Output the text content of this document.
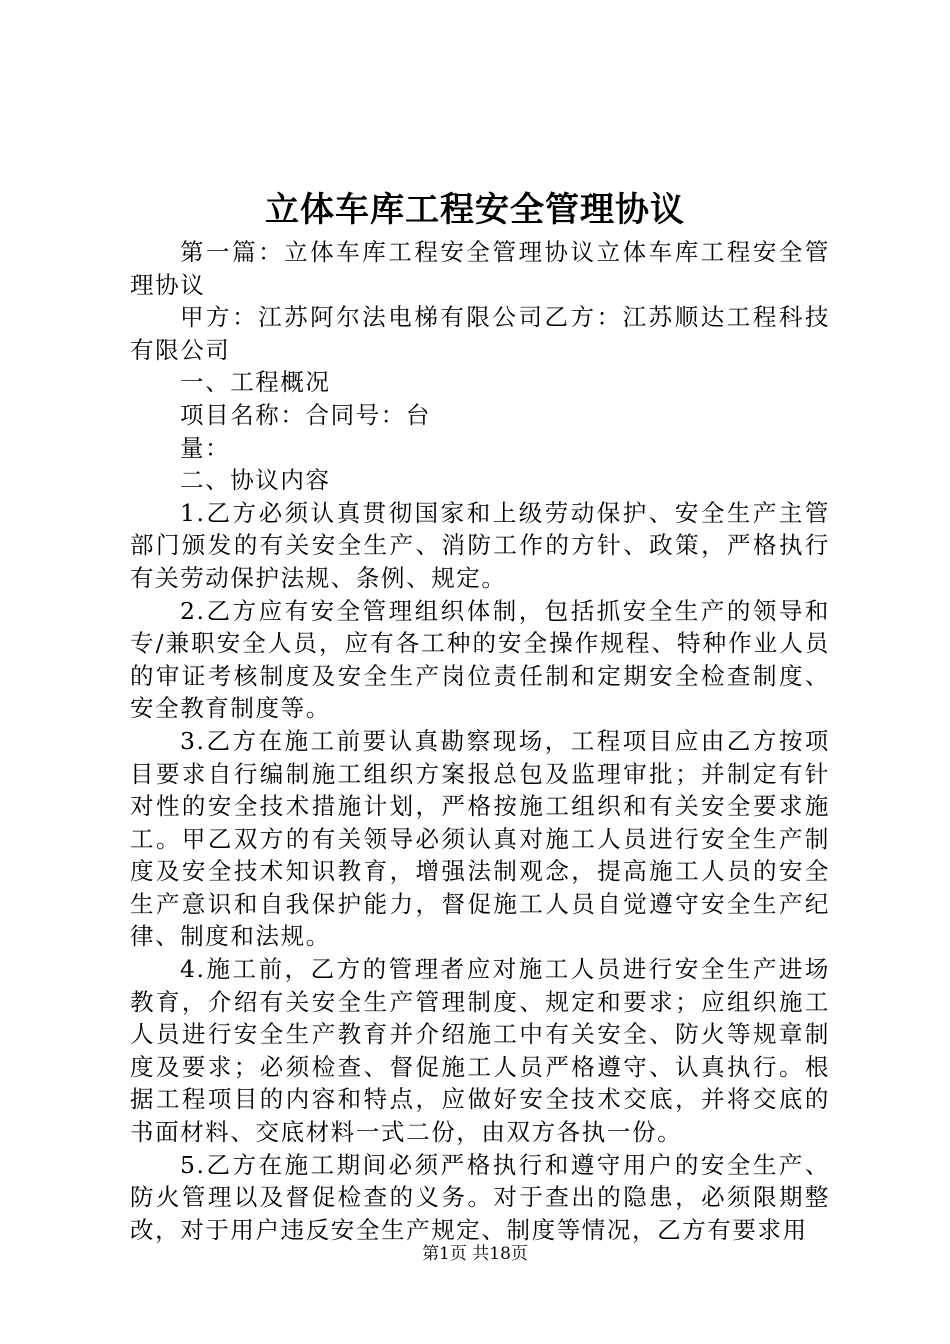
立体车库工程安全管理协议

第一篇：立体车库工程安全管理协议立体车库工程安全管理协议

甲方：江苏阿尔法电梯有限公司乙方：江苏顺达工程科技有限公司

一、工程概况

项目名称：合同号：台

量：

二、协议内容

1.乙方必须认真贯彻国家和上级劳动保护、安全生产主管部门颁发的有关安全生产、消防工作的方针、政策，严格执行有关劳动保护法规、条例、规定。

2.乙方应有安全管理组织体制，包括抓安全生产的领导和专/兼职安全人员，应有各工种的安全操作规程、特种作业人员的审证考核制度及安全生产岗位责任制和定期安全检查制度、安全教育制度等。

3.乙方在施工前要认真勘察现场，工程项目应由乙方按项目要求自行编制施工组织方案报总包及监理审批；并制定有针对性的安全技术措施计划，严格按施工组织和有关安全要求施工。甲乙双方的有关领导必须认真对施工人员进行安全生产制度及安全技术知识教育，增强法制观念，提高施工人员的安全生产意识和自我保护能力，督促施工人员自觉遵守安全生产纪律、制度和法规。

4.施工前，乙方的管理者应对施工人员进行安全生产进场教育，介绍有关安全生产管理制度、规定和要求；应组织施工人员进行安全生产教育并介绍施工中有关安全、防火等规章制度及要求；必须检查、督促施工人员严格遵守、认真执行。根据工程项目的内容和特点，应做好安全技术交底，并将交底的书面材料、交底材料一式二份，由双方各执一份。

5.乙方在施工期间必须严格执行和遵守用户的安全生产、防火管理以及督促检查的义务。对于查出的隐患，必须限期整改，对于用户违反安全生产规定、制度等情况，乙方有要求用

第1页 共18页
